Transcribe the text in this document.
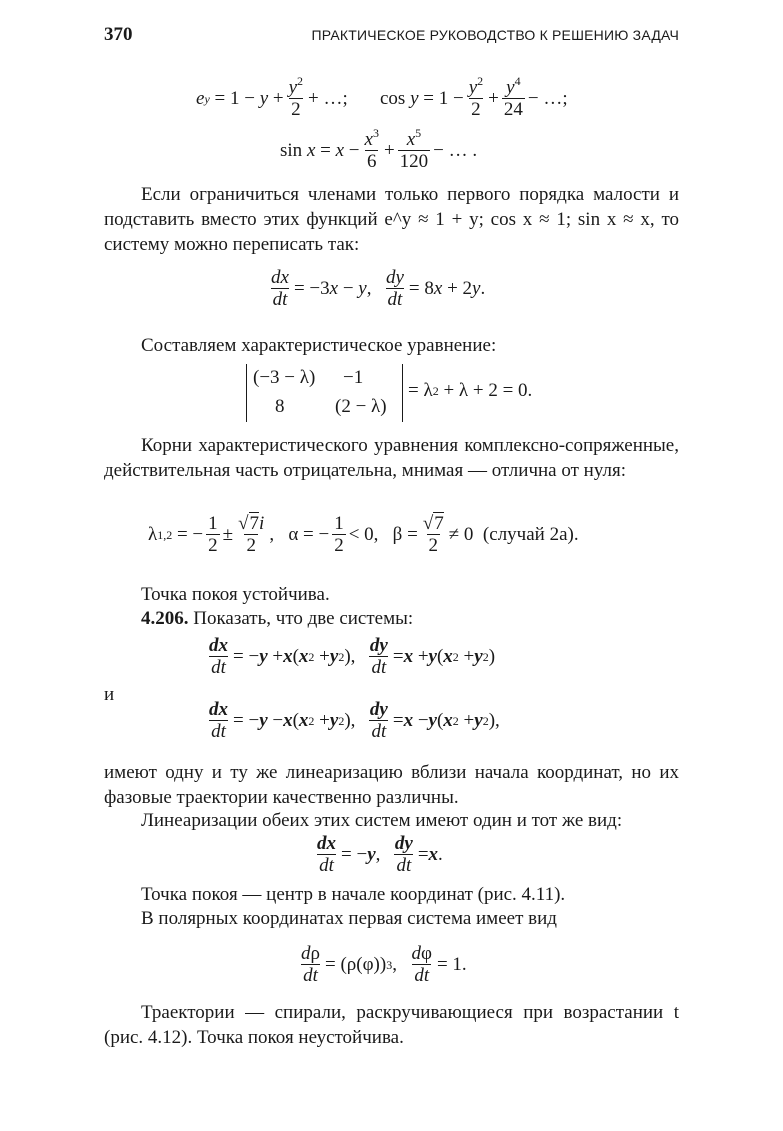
370	ПРАКТИЧЕСКОЕ РУКОВОДСТВО К РЕШЕНИЮ ЗАДАЧ
e y = 1 − y +
$y^2$
2
+ …; cos y = 1 −
$y^2$
2
+
$y^4$
24
− …;
sin x = x −
$x^3$
6
+
$x^5$
120
− … .
Если ограничиться членами только первого порядка малости и подставить вместо этих функций e^y ≈ 1 + y; cos x ≈ 1; sin x ≈ x, то систему можно переписать так:
dx
dt
= −3 x − y ,
dy
dt
= 8 x + 2 y .
Составляем характеристическое уравнение:
(−3 − λ) −1
8	(2 − λ)
= λ 2 + λ + 2 = 0.
Корни характеристического уравнения комплексно-сопряженные, действительная часть отрицательна, мнимая — отлична от нуля:
λ 1,2 = −
1
2
±
√7i
2
,   α = −
1
2
< 0,   β =
√7
2
≠ 0  (случай 2а).
Точка покоя устойчива.
4.206. Показать, что две системы:
dx
dt
= − y + x ( x 2 + y 2 ),
dy
dt
= x + y ( x 2 + y 2 )
и
dx
dt
= − y − x ( x 2 + y 2 ),
dy
dt
= x − y ( x 2 + y 2 ),
имеют одну и ту же линеаризацию вблизи начала координат, но их фазовые траектории качественно различны.
Линеаризации обеих этих систем имеют один и тот же вид:
dx
dt
= − y ,
dy
dt
= x .
Точка покоя — центр в начале координат (рис. 4.11).
В полярных координатах первая система имеет вид
dρ
dt
= (ρ(φ)) 3 ,
dφ
dt
= 1.
Траектории — спирали, раскручивающиеся при возрастании t (рис. 4.12). Точка покоя неустойчива.
